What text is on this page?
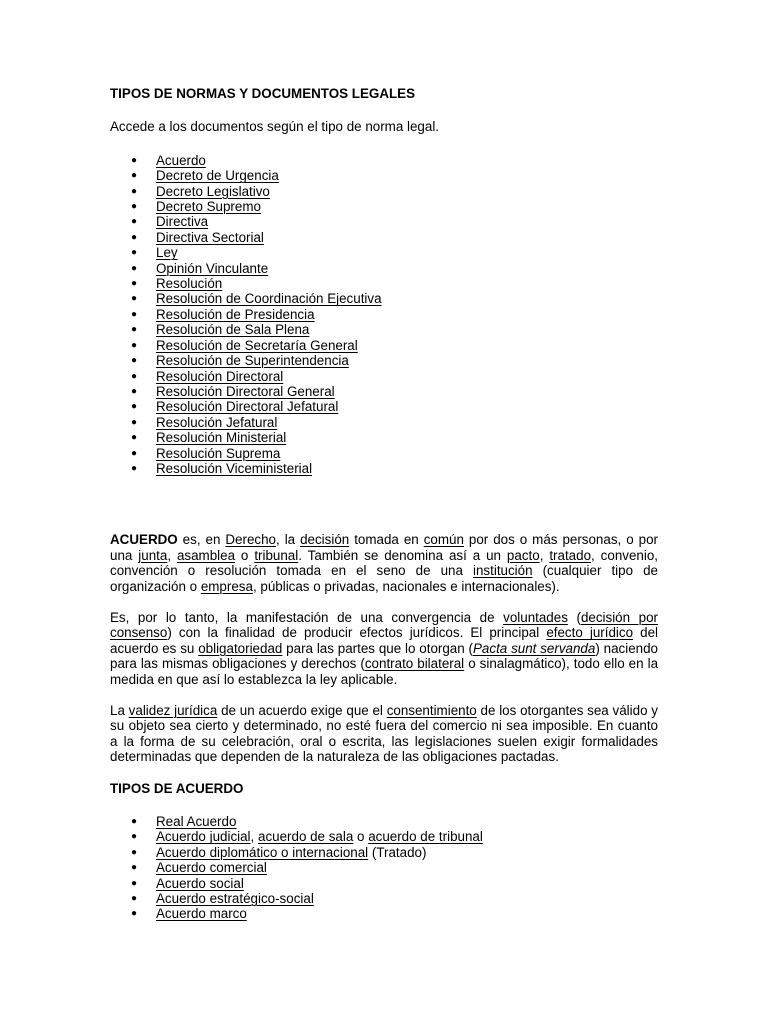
TIPOS DE NORMAS Y DOCUMENTOS LEGALES

Accede a los documentos según el tipo de norma legal.

● Acuerdo
● Decreto de Urgencia
● Decreto Legislativo
● Decreto Supremo
● Directiva
● Directiva Sectorial
● Ley
● Opinión Vinculante
● Resolución
● Resolución de Coordinación Ejecutiva
● Resolución de Presidencia
● Resolución de Sala Plena
● Resolución de Secretaría General
● Resolución de Superintendencia
● Resolución Directoral
● Resolución Directoral General
● Resolución Directoral Jefatural
● Resolución Jefatural
● Resolución Ministerial
● Resolución Suprema
● Resolución Viceministerial

ACUERDO es, en Derecho, la decisión tomada en común por dos o más personas, o por una junta, asamblea o tribunal. También se denomina así a un pacto, tratado, convenio, convención o resolución tomada en el seno de una institución (cualquier tipo de organización o empresa, públicas o privadas, nacionales e internacionales).

Es, por lo tanto, la manifestación de una convergencia de voluntades (decisión por consenso) con la finalidad de producir efectos jurídicos. El principal efecto jurídico del acuerdo es su obligatoriedad para las partes que lo otorgan (Pacta sunt servanda) naciendo para las mismas obligaciones y derechos (contrato bilateral o sinalagmático), todo ello en la medida en que así lo establezca la ley aplicable.

La validez jurídica de un acuerdo exige que el consentimiento de los otorgantes sea válido y su objeto sea cierto y determinado, no esté fuera del comercio ni sea imposible. En cuanto a la forma de su celebración, oral o escrita, las legislaciones suelen exigir formalidades determinadas que dependen de la naturaleza de las obligaciones pactadas.

TIPOS DE ACUERDO
● Real Acuerdo
● Acuerdo judicial, acuerdo de sala o acuerdo de tribunal
● Acuerdo diplomático o internacional (Tratado)
● Acuerdo comercial
● Acuerdo social
● Acuerdo estratégico-social
● Acuerdo marco
